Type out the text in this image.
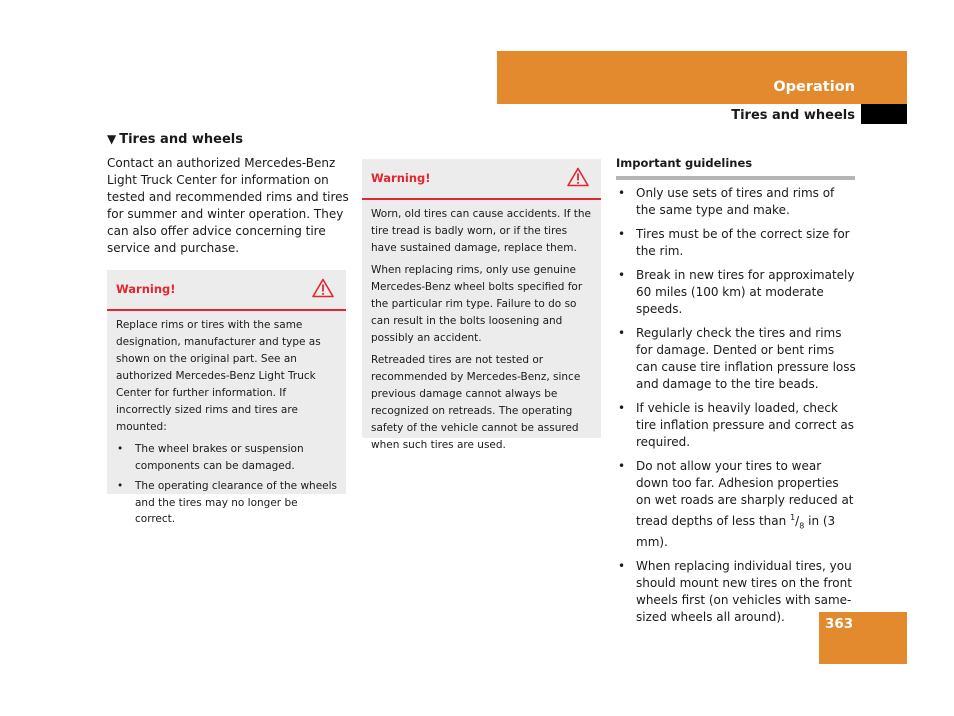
Operation
Tires and wheels
▼ Tires and wheels
Contact an authorized Mercedes-Benz Light Truck Center for information on tested and recommended rims and tires for summer and winter operation. They can also offer advice concerning tire service and purchase.
Warning!

Replace rims or tires with the same designation, manufacturer and type as shown on the original part. See an authorized Mercedes-Benz Light Truck Center for further information. If incorrectly sized rims and tires are mounted:

• The wheel brakes or suspension components can be damaged.
• The operating clearance of the wheels and the tires may no longer be correct.
Warning!

Worn, old tires can cause accidents. If the tire tread is badly worn, or if the tires have sustained damage, replace them.

When replacing rims, only use genuine Mercedes-Benz wheel bolts specified for the particular rim type. Failure to do so can result in the bolts loosening and possibly an accident.

Retreaded tires are not tested or recommended by Mercedes-Benz, since previous damage cannot always be recognized on retreads. The operating safety of the vehicle cannot be assured when such tires are used.

Important guidelines
• Only use sets of tires and rims of the same type and make.
• Tires must be of the correct size for the rim.
• Break in new tires for approximately 60 miles (100 km) at moderate speeds.
• Regularly check the tires and rims for damage. Dented or bent rims can cause tire inflation pressure loss and damage to the tire beads.
• If vehicle is heavily loaded, check tire inflation pressure and correct as required.
• Do not allow your tires to wear down too far. Adhesion properties on wet roads are sharply reduced at tread depths of less than $^1/_8$ in (3 mm).
• When replacing individual tires, you should mount new tires on the front wheels first (on vehicles with same-sized wheels all around).	363
